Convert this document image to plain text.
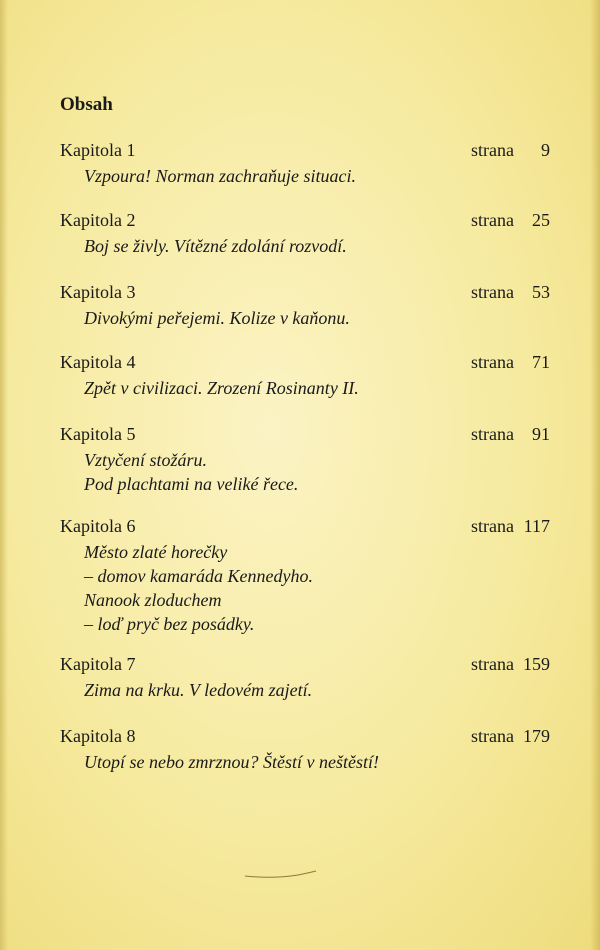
Obsah
Kapitola 1	strana	9
Vzpoura! Norman zachraňuje situaci.
Kapitola 2	strana	25
Boj se živly. Vítězné zdolání rozvodí.
Kapitola 3	strana	53
Divokými peřejemi. Kolize v kaňonu.
Kapitola 4	strana	71
Zpět v civilizaci. Zrození Rosinanty II.
Kapitola 5	strana	91
Vztyčení stožáru.
Pod plachtami na veliké řece.
Kapitola 6	strana 117
Město zlaté horečky
– domov kamaráda Kennedyho.
Nanook zloduchem
– loď pryč bez posádky.
Kapitola 7	strana 159
Zima na krku. V ledovém zajetí.
Kapitola 8	strana 179
Utopí se nebo zmrznou? Štěstí v neštěstí!
